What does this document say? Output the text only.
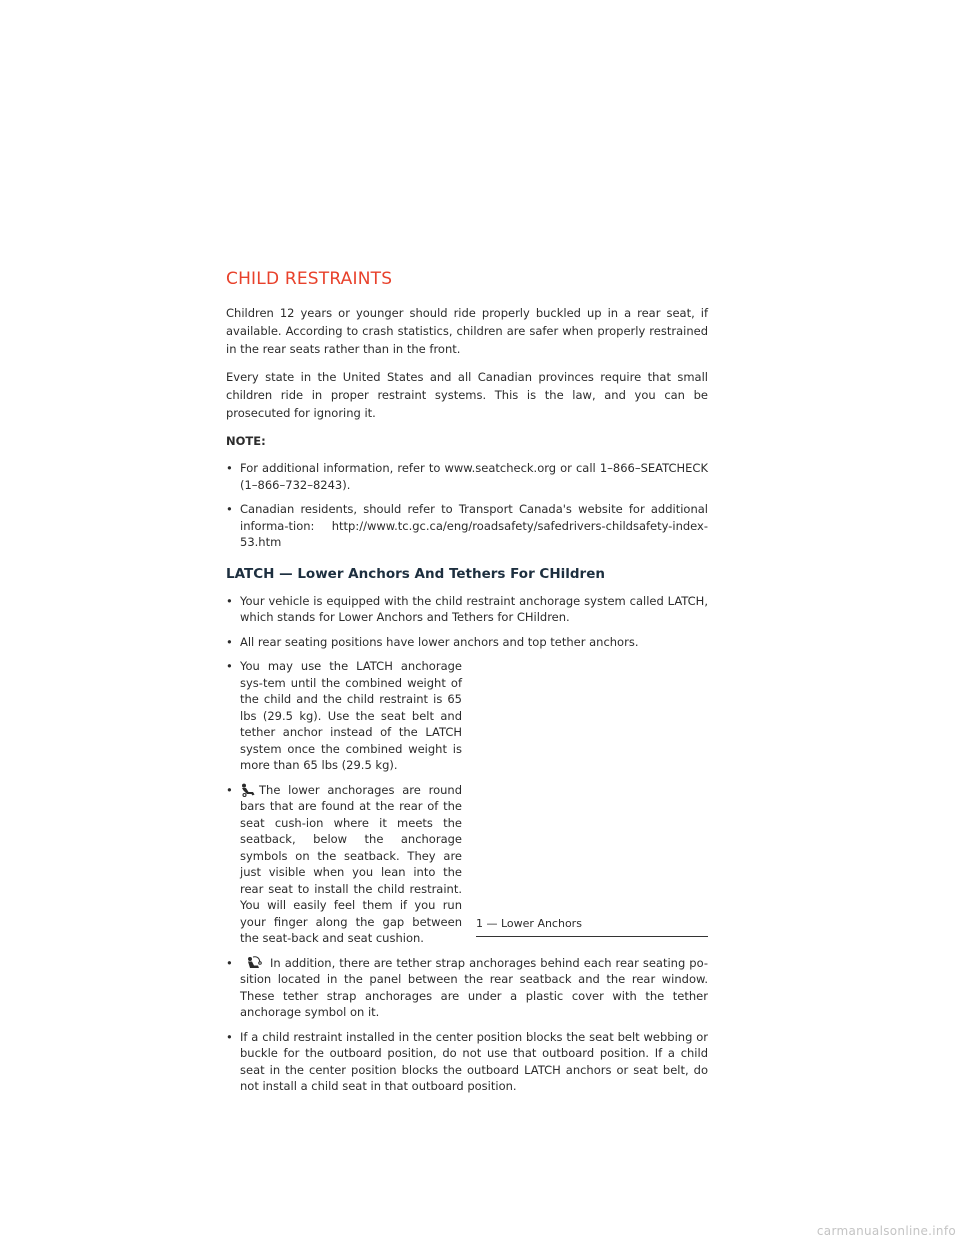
CHILD RESTRAINTS

Children 12 years or younger should ride properly buckled up in a rear seat, if available. According to crash statistics, children are safer when properly restrained in the rear seats rather than in the front.

Every state in the United States and all Canadian provinces require that small children ride in proper restraint systems. This is the law, and you can be prosecuted for ignoring it.

NOTE:
• For additional information, refer to www.seatcheck.org or call 1–866–SEATCHECK (1–866–732–8243).
• Canadian residents, should refer to Transport Canada's website for additional informa-tion: http://www.tc.gc.ca/eng/roadsafety/safedrivers-childsafety-index-53.htm
LATCH — Lower Anchors And Tethers For CHildren
• Your vehicle is equipped with the child restraint anchorage system called LATCH, which stands for Lower Anchors and Tethers for CHildren.
• All rear seating positions have lower anchors and top tether anchors.
• You may use the LATCH anchorage sys-tem until the combined weight of the child and the child restraint is 65 lbs (29.5 kg). Use the seat belt and tether anchor instead of the LATCH system once the combined weight is more than 65 lbs (29.5 kg).
• The lower anchorages are round bars that are found at the rear of the seat cush-ion where it meets the seatback, below the anchorage symbols on the seatback. They are just visible when you lean into the rear seat to install the child restraint. You will easily feel them if you run your finger along the gap between the seat-back and seat cushion.
1 — Lower Anchors
• In addition, there are tether strap anchorages behind each rear seating po-sition located in the panel between the rear seatback and the rear window. These tether strap anchorages are under a plastic cover with the tether anchorage symbol on it.
• If a child restraint installed in the center position blocks the seat belt webbing or buckle for the outboard position, do not use that outboard position. If a child seat in the center position blocks the outboard LATCH anchors or seat belt, do not install a child seat in that outboard position.
carmanualsonline.info
